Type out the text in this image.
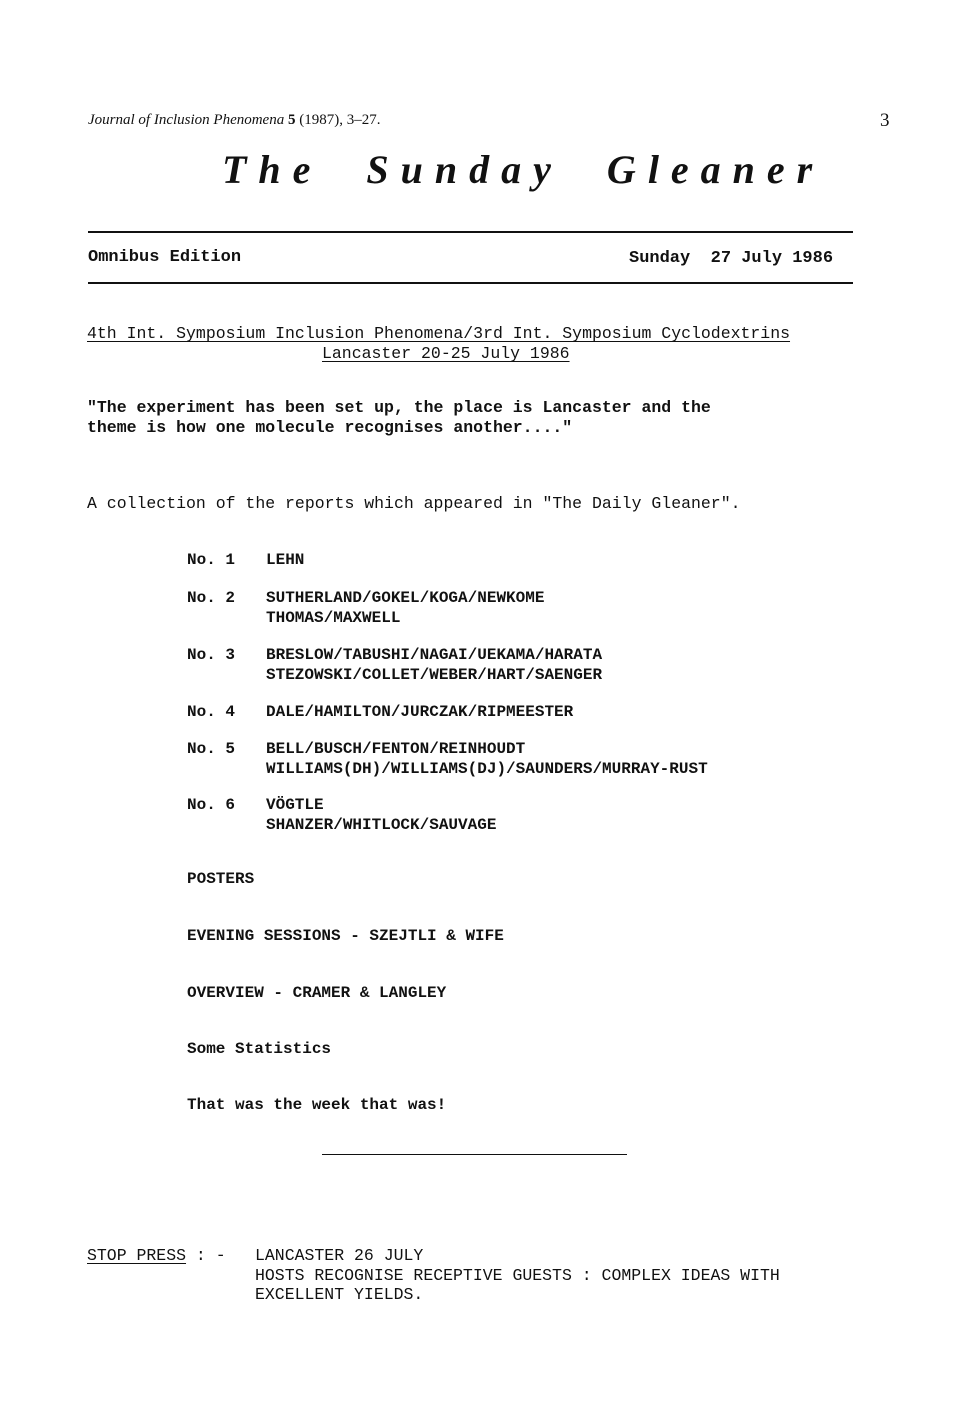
Journal of Inclusion Phenomena 5 (1987), 3–27.	3
The  Sunday  Gleaner
Omnibus Edition	Sunday  27 July 1986
4th Int. Symposium Inclusion Phenomena/3rd Int. Symposium Cyclodextrins
Lancaster 20-25 July 1986
"The experiment has been set up, the place is Lancaster and the
theme is how one molecule recognises another...."
A collection of the reports which appeared in "The Daily Gleaner".
No. 1 LEHN
No. 2 SUTHERLAND/GOKEL/KOGA/NEWKOME
THOMAS/MAXWELL
No. 3 BRESLOW/TABUSHI/NAGAI/UEKAMA/HARATA
STEZOWSKI/COLLET/WEBER/HART/SAENGER
No. 4 DALE/HAMILTON/JURCZAK/RIPMEESTER
No. 5 BELL/BUSCH/FENTON/REINHOUDT
WILLIAMS(DH)/WILLIAMS(DJ)/SAUNDERS/MURRAY-RUST
No. 6 VÖGTLE
SHANZER/WHITLOCK/SAUVAGE
POSTERS
EVENING SESSIONS - SZEJTLI & WIFE
OVERVIEW - CRAMER & LANGLEY
Some Statistics
That was the week that was!
STOP PRESS : - LANCASTER 26 JULY
HOSTS RECOGNISE RECEPTIVE GUESTS : COMPLEX IDEAS WITH
EXCELLENT YIELDS.
